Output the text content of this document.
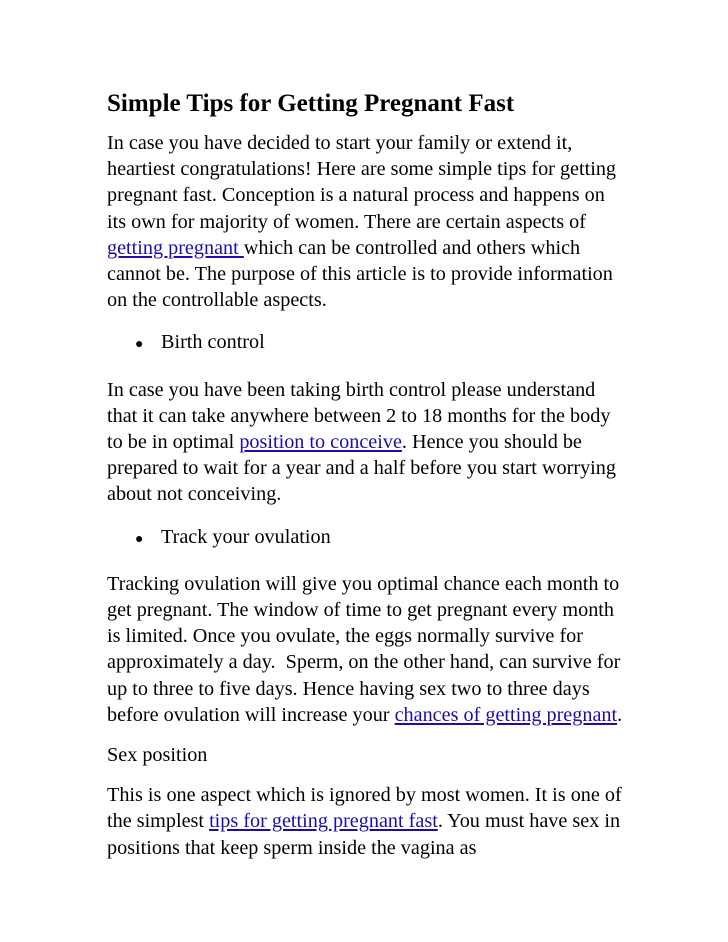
Simple Tips for Getting Pregnant Fast

In case you have decided to start your family or extend it, heartiest congratulations! Here are some simple tips for getting pregnant fast. Conception is a natural process and happens on its own for majority of women. There are certain aspects of getting pregnant which can be controlled and others which cannot be. The purpose of this article is to provide information on the controllable aspects.

● Birth control

In case you have been taking birth control please understand that it can take anywhere between 2 to 18 months for the body to be in optimal position to conceive. Hence you should be prepared to wait for a year and a half before you start worrying about not conceiving.

● Track your ovulation

Tracking ovulation will give you optimal chance each month to get pregnant. The window of time to get pregnant every month is limited. Once you ovulate, the eggs normally survive for approximately a day.  Sperm, on the other hand, can survive for up to three to five days. Hence having sex two to three days before ovulation will increase your chances of getting pregnant.

Sex position

This is one aspect which is ignored by most women. It is one of the simplest tips for getting pregnant fast. You must have sex in positions that keep sperm inside the vagina as
